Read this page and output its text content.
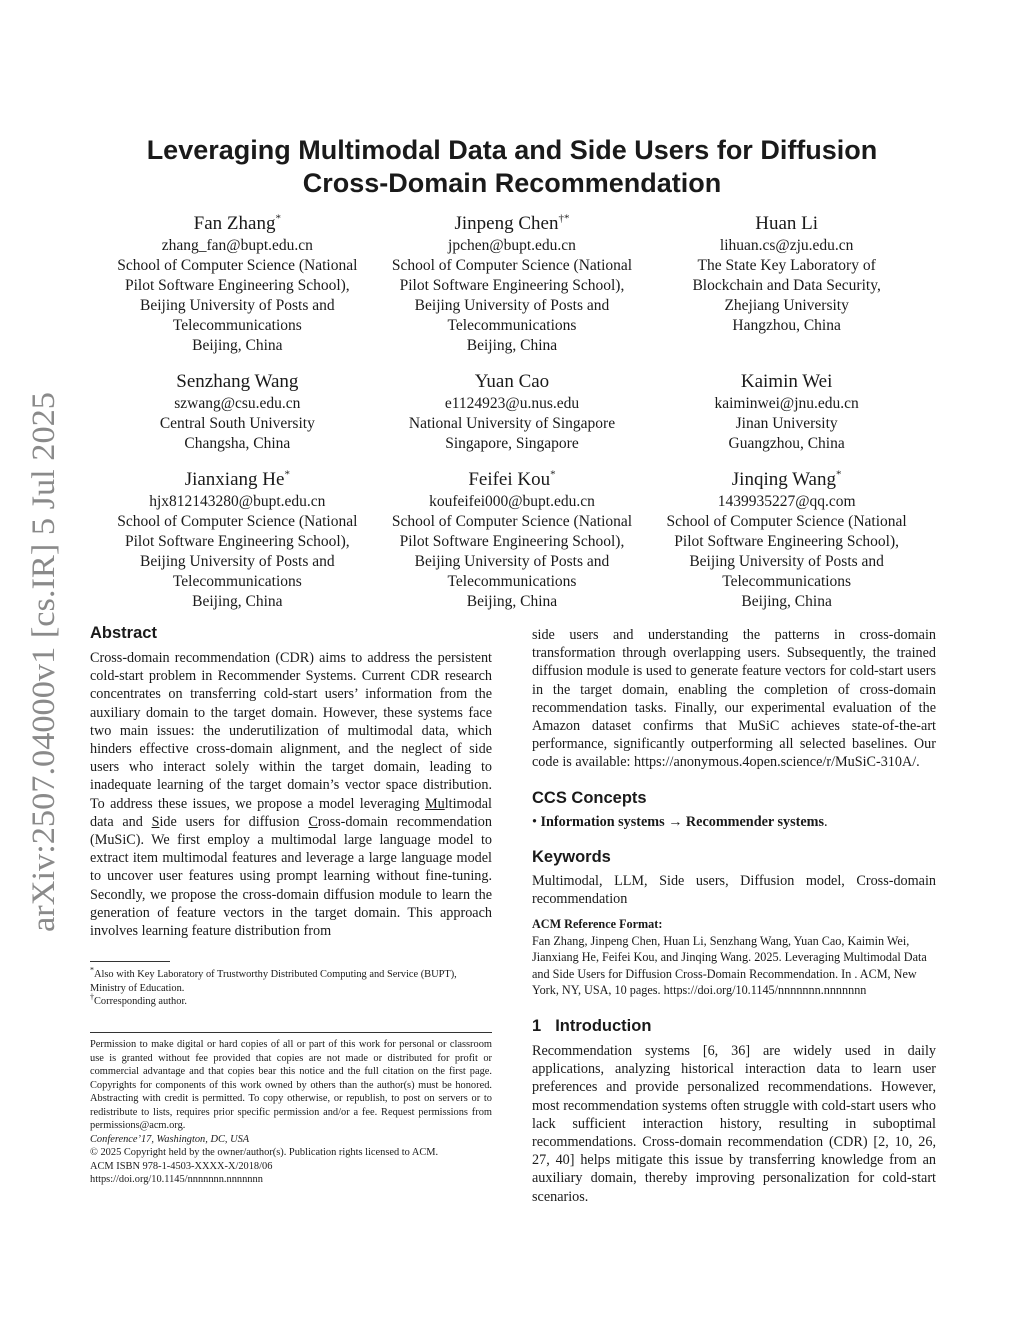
arXiv:2507.04000v1 [cs.IR] 5 Jul 2025
Leveraging Multimodal Data and Side Users for Diffusion
Cross-Domain Recommendation
Fan Zhang*
zhang_fan@bupt.edu.cn
School of Computer Science (National
Pilot Software Engineering School),
Beijing University of Posts and
Telecommunications
Beijing, China
Jinpeng Chen†*
jpchen@bupt.edu.cn
School of Computer Science (National
Pilot Software Engineering School),
Beijing University of Posts and
Telecommunications
Beijing, China
Huan Li
lihuan.cs@zju.edu.cn
The State Key Laboratory of
Blockchain and Data Security,
Zhejiang University
Hangzhou, China
Senzhang Wang
szwang@csu.edu.cn
Central South University
Changsha, China
Yuan Cao
e1124923@u.nus.edu
National University of Singapore
Singapore, Singapore
Kaimin Wei
kaiminwei@jnu.edu.cn
Jinan University
Guangzhou, China
Jianxiang He*
hjx812143280@bupt.edu.cn
School of Computer Science (National
Pilot Software Engineering School),
Beijing University of Posts and
Telecommunications
Beijing, China
Feifei Kou*
koufeifei000@bupt.edu.cn
School of Computer Science (National
Pilot Software Engineering School),
Beijing University of Posts and
Telecommunications
Beijing, China
Jinqing Wang*
1439935227@qq.com
School of Computer Science (National
Pilot Software Engineering School),
Beijing University of Posts and
Telecommunications
Beijing, China
Abstract

Cross-domain recommendation (CDR) aims to address the persistent cold-start problem in Recommender Systems. Current CDR research concentrates on transferring cold-start users’ information from the auxiliary domain to the target domain. However, these systems face two main issues: the underutilization of multimodal data, which hinders effective cross-domain alignment, and the neglect of side users who interact solely within the target domain, leading to inadequate learning of the target domain’s vector space distribution. To address these issues, we propose a model leveraging Multimodal data and Side users for diffusion Cross-domain recommendation (MuSiC). We first employ a multimodal large language model to extract item multimodal features and leverage a large language model to uncover user features using prompt learning without fine-tuning. Secondly, we propose the cross-domain diffusion module to learn the generation of feature vectors in the target domain. This approach involves learning feature distribution from

*Also with Key Laboratory of Trustworthy Distributed Computing and Service (BUPT), Ministry of Education.

†Corresponding author.

Permission to make digital or hard copies of all or part of this work for personal or classroom use is granted without fee provided that copies are not made or distributed for profit or commercial advantage and that copies bear this notice and the full citation on the first page. Copyrights for components of this work owned by others than the author(s) must be honored. Abstracting with credit is permitted. To copy otherwise, or republish, to post on servers or to redistribute to lists, requires prior specific permission and/or a fee. Request permissions from permissions@acm.org.

Conference’17, Washington, DC, USA

© 2025 Copyright held by the owner/author(s). Publication rights licensed to ACM.

ACM ISBN 978-1-4503-XXXX-X/2018/06

https://doi.org/10.1145/nnnnnnn.nnnnnnn

side users and understanding the patterns in cross-domain transformation through overlapping users. Subsequently, the trained diffusion module is used to generate feature vectors for cold-start users in the target domain, enabling the completion of cross-domain recommendation tasks. Finally, our experimental evaluation of the Amazon dataset confirms that MuSiC achieves state-of-the-art performance, significantly outperforming all selected baselines. Our code is available: https://anonymous.4open.science/r/MuSiC-310A/.

CCS Concepts

• Information systems → Recommender systems.

Keywords

Multimodal, LLM, Side users, Diffusion model, Cross-domain recommendation

ACM Reference Format:

Fan Zhang, Jinpeng Chen, Huan Li, Senzhang Wang, Yuan Cao, Kaimin Wei, Jianxiang He, Feifei Kou, and Jinqing Wang. 2025. Leveraging Multimodal Data and Side Users for Diffusion Cross-Domain Recommendation. In . ACM, New York, NY, USA, 10 pages. https://doi.org/10.1145/nnnnnnn.nnnnnnn

1 Introduction

Recommendation systems [6, 36] are widely used in daily applications, analyzing historical interaction data to learn user preferences and provide personalized recommendations. However, most recommendation systems often struggle with cold-start users who lack sufficient interaction history, resulting in suboptimal recommendations. Cross-domain recommendation (CDR) [2, 10, 26, 27, 40] helps mitigate this issue by transferring knowledge from an auxiliary domain, thereby improving personalization for cold-start scenarios.
